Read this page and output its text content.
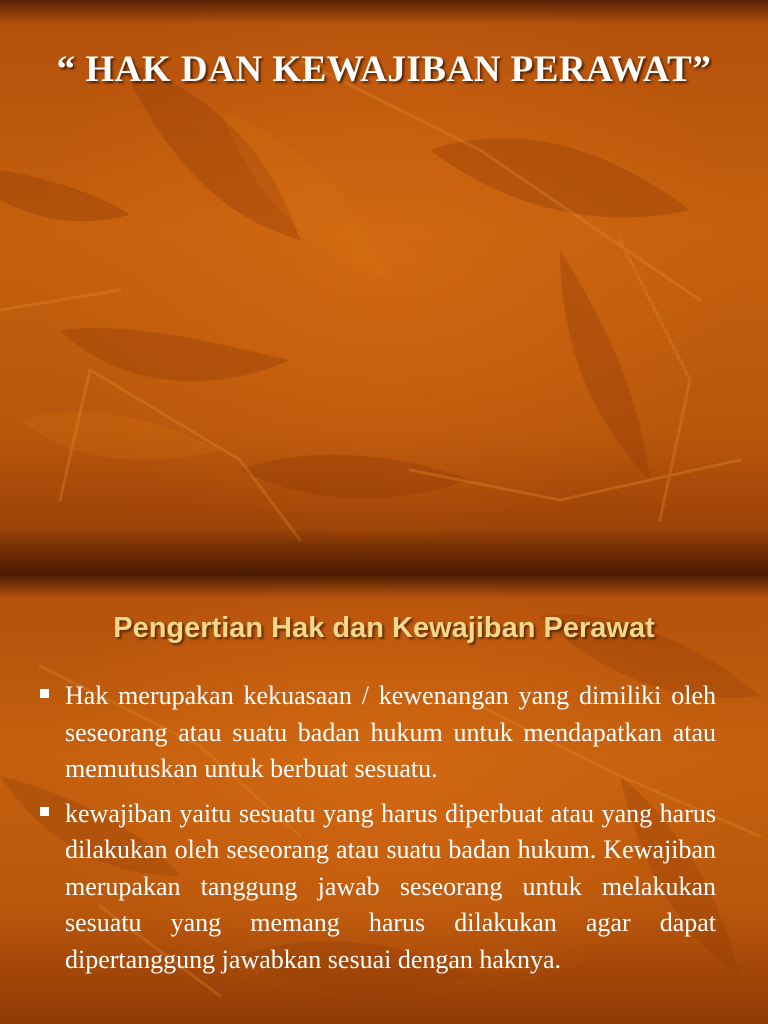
“ HAK DAN KEWAJIBAN PERAWAT”
Pengertian Hak dan Kewajiban Perawat
Hak merupakan kekuasaan / kewenangan yang dimiliki oleh seseorang atau suatu badan hukum untuk mendapatkan atau memutuskan untuk berbuat sesuatu.
kewajiban yaitu sesuatu yang harus diperbuat atau yang harus dilakukan oleh seseorang atau suatu badan hukum. Kewajiban merupakan tanggung jawab seseorang untuk melakukan sesuatu yang memang harus dilakukan agar dapat dipertanggung jawabkan sesuai dengan haknya.
